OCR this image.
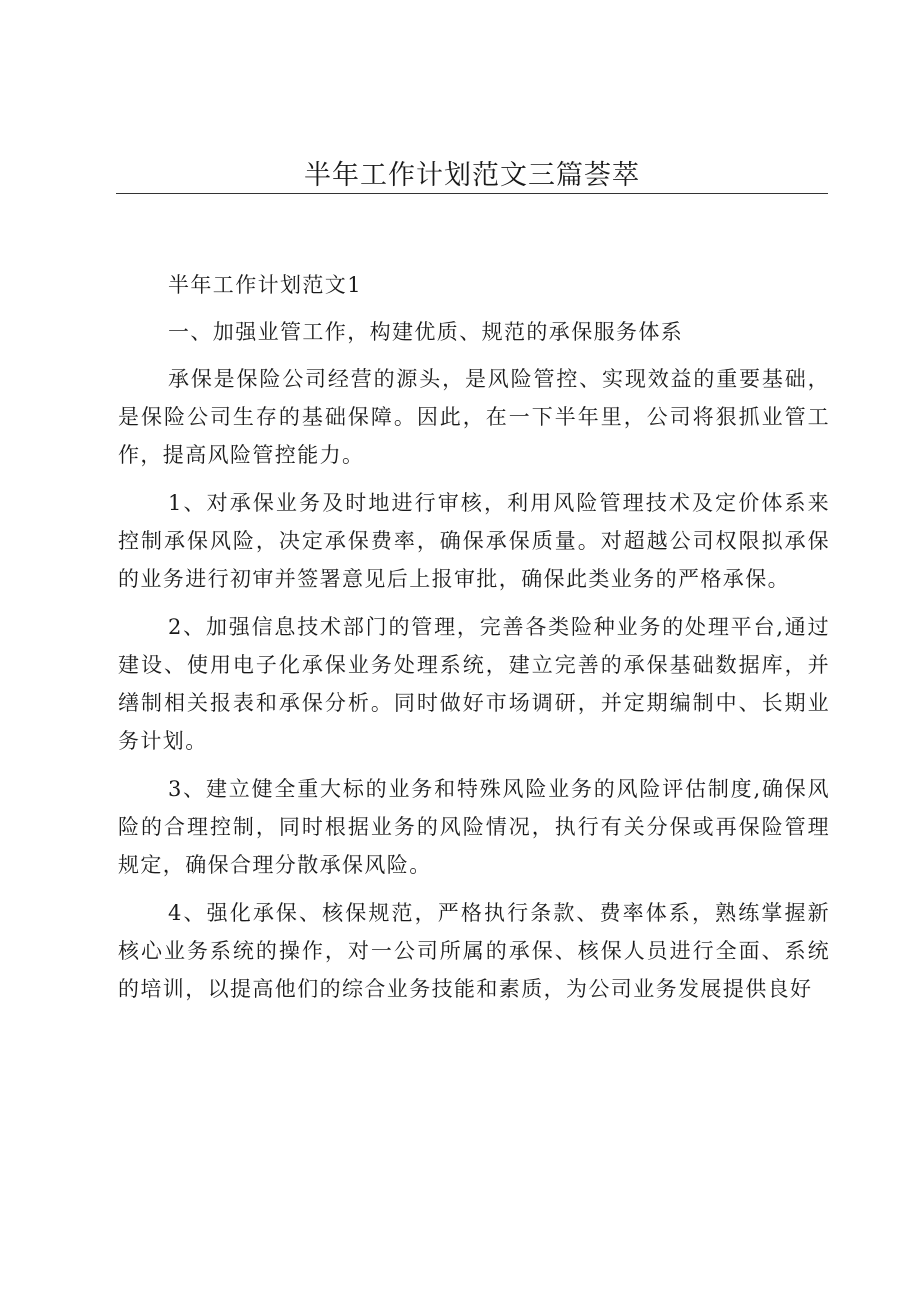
半年工作计划范文三篇荟萃

半年工作计划范文1

一、加强业管工作，构建优质、规范的承保服务体系

承保是保险公司经营的源头，是风险管控、实现效益的重要基础，是保险公司生存的基础保障。因此，在一下半年里，公司将狠抓业管工作，提高风险管控能力。

1、对承保业务及时地进行审核，利用风险管理技术及定价体系来控制承保风险，决定承保费率，确保承保质量。对超越公司权限拟承保的业务进行初审并签署意见后上报审批，确保此类业务的严格承保。

2、加强信息技术部门的管理，完善各类险种业务的处理平台,通过建设、使用电子化承保业务处理系统，建立完善的承保基础数据库，并缮制相关报表和承保分析。同时做好市场调研，并定期编制中、长期业务计划。

3、建立健全重大标的业务和特殊风险业务的风险评估制度,确保风险的合理控制，同时根据业务的风险情况，执行有关分保或再保险管理规定，确保合理分散承保风险。

4、强化承保、核保规范，严格执行条款、费率体系，熟练掌握新核心业务系统的操作，对一公司所属的承保、核保人员进行全面、系统的培训，以提高他们的综合业务技能和素质，为公司业务发展提供良好
